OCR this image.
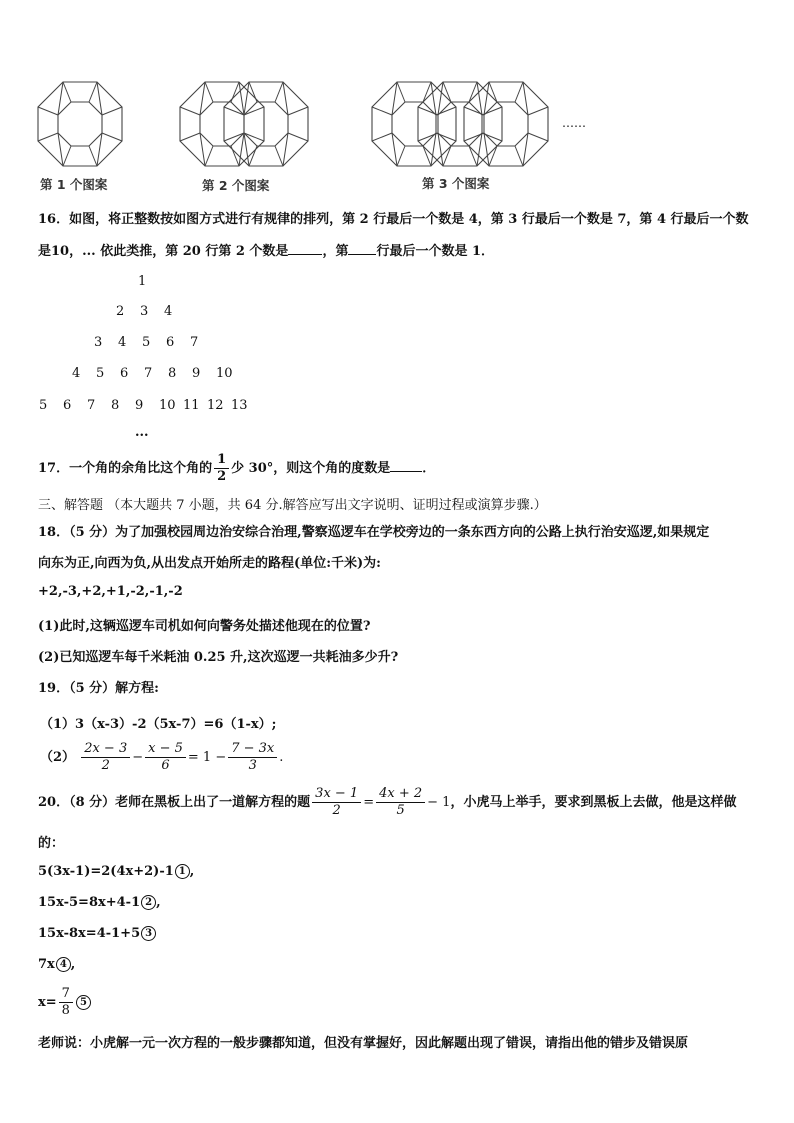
……
第 1 个图案	第 2 个图案	第 3 个图案
16．如图，将正整数按如图方式进行有规律的排列，第 2 行最后一个数是 4，第 3 行最后一个数是 7，第 4 行最后一个数
是10，... 依此类推，第 20 行第 2 个数是	，第 行最后一个数是 1．
1
2 3 4
3 4 5 6 7
4 5 6 7 8 9 10
5 6 7 8 9 10 11 12 13
...
17．一个角的余角比这个角的 $\frac{1}{2}$ 少 30°，则这个角的度数是 ．
三、解答题 （本大题共 7 小题，共 64 分.解答应写出文字说明、证明过程或演算步骤.）
18．（5 分）为了加强校园周边治安综合治理,警察巡逻车在学校旁边的一条东西方向的公路上执行治安巡逻,如果规定
向东为正,向西为负,从出发点开始所走的路程(单位:千米)为:
+2,-3,+2,+1,-2,-1,-2
(1)此时,这辆巡逻车司机如何向警务处描述他现在的位置?
(2)已知巡逻车每千米耗油 0.25 升,这次巡逻一共耗油多少升?
19．（5 分）解方程:
（1）3（x-3）-2（5x-7）=6（1-x）;
$(2) \frac{2x - 3}{2} - \frac{x - 5}{6} = 1 - \frac{7 - 3x}{3}$ .
20．（8 分）老师在黑板上出了一道解方程的题 $\frac{3x - 1}{2} = \frac{4x + 2}{5} - 1$，小虎马上举手，要求到黑板上去做，他是这样做
的：
5(3x-1)=2(4x+2)-1 1 ,
15x-5=8x+4-1 2 ,
15x-8x=4-1+5 3
7x 4 ,
$x= \frac{7}{8} 5$
老师说：小虎解一元一次方程的一般步骤都知道，但没有掌握好，因此解题出现了错误，请指出他的错步及错误原
